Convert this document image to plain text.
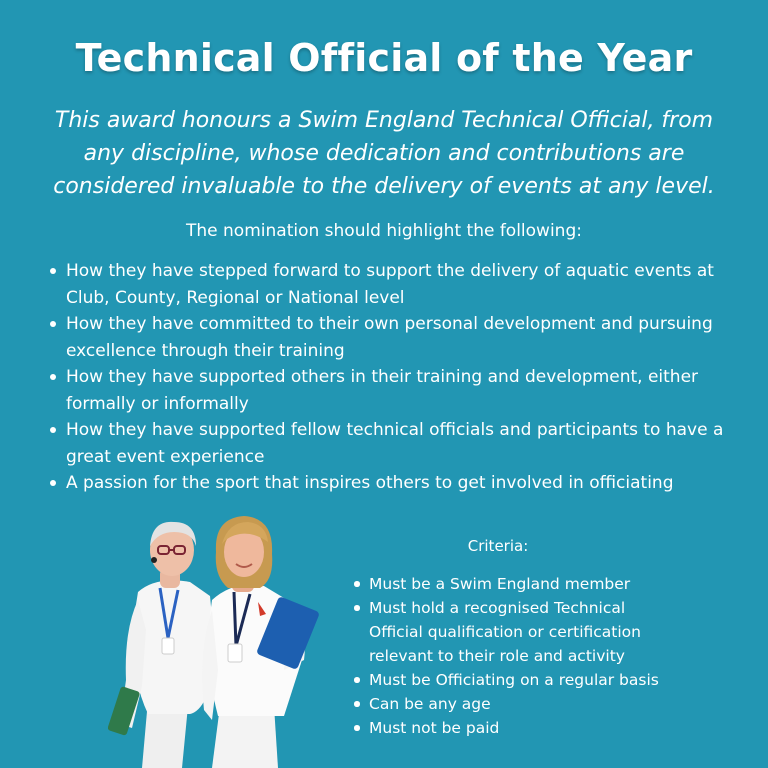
Technical Official of the Year
This award honours a Swim England Technical Official, from any discipline, whose dedication and contributions are considered invaluable to the delivery of events at any level.
The nomination should highlight the following:
How they have stepped forward to support the delivery of aquatic events at Club, County, Regional or National level
How they have committed to their own personal development and pursuing excellence through their training
How they have supported others in their training and development, either formally or informally
How they have supported fellow technical officials and participants to have a great event experience
A passion for the sport that inspires others to get involved in officiating
Criteria:
Must be a Swim England member
Must hold a recognised Technical Official qualification or certification relevant to their role and activity
Must be Officiating on a regular basis
Can be any age
Must not be paid
